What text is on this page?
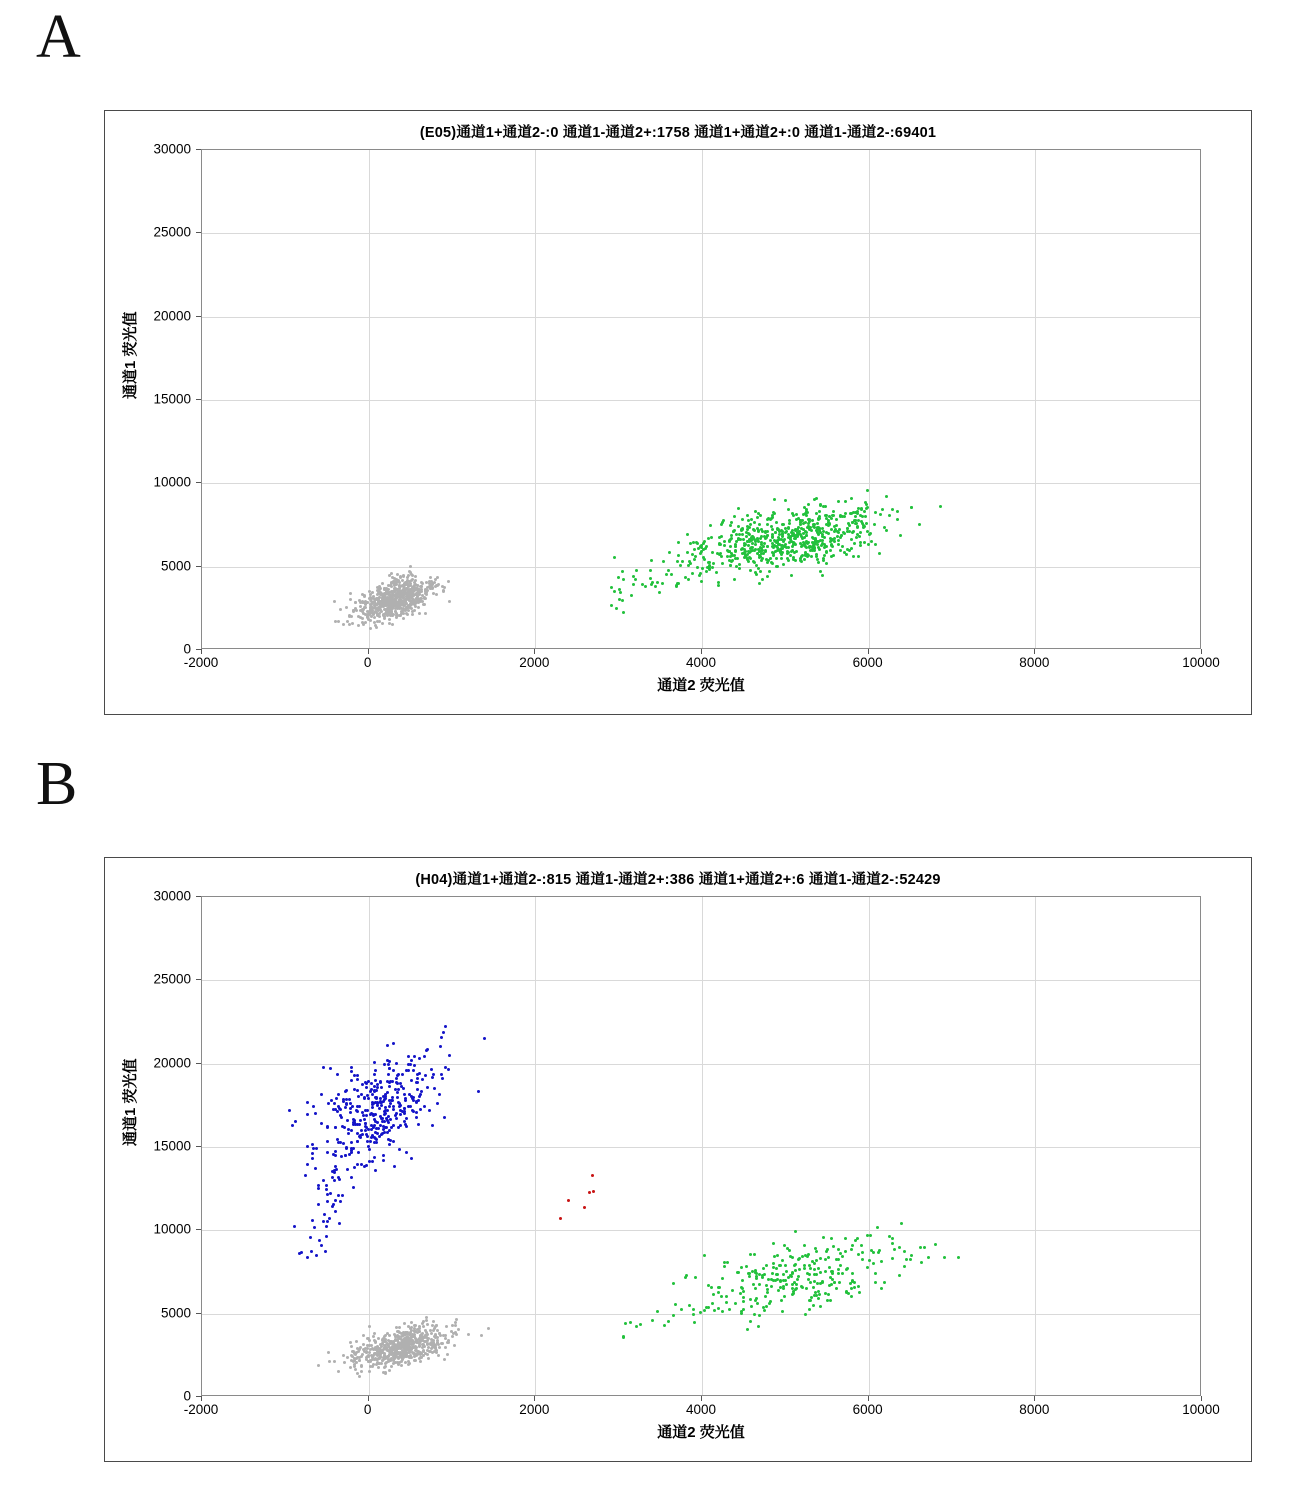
A
(E05)通道1+通道2-:0 通道1-通道2+:1758 通道1+通道2+:0 通道1-通道2-:69401
-2000	0	2000	4000	6000	8000	10000
0
5000
10000
15000
20000
25000
30000
通道2 荧光值
通道1 荧光值
B
(H04)通道1+通道2-:815 通道1-通道2+:386 通道1+通道2+:6 通道1-通道2-:52429
-2000	0	2000	4000	6000	8000	10000
0
5000
10000
15000
20000
25000
30000
通道2 荧光值
通道1 荧光值
